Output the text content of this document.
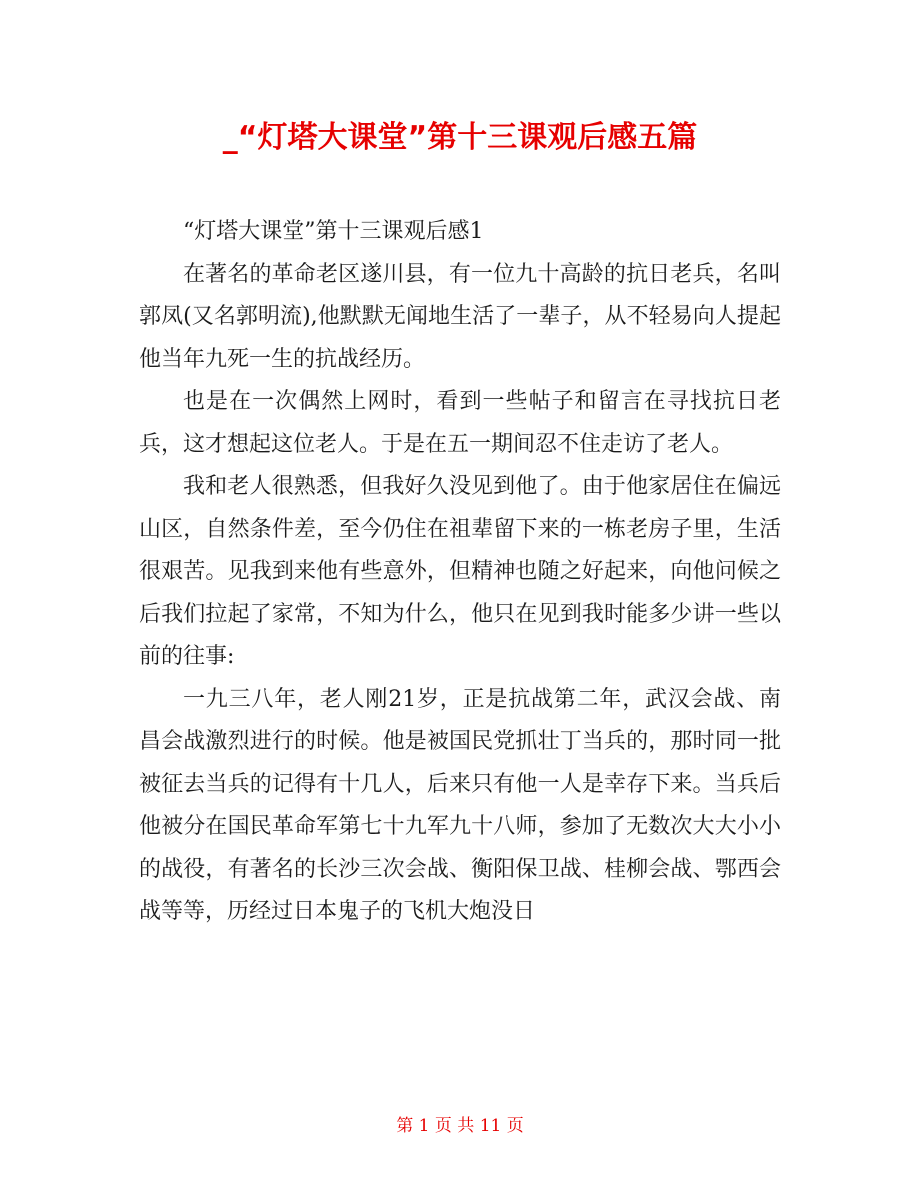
_“灯塔大课堂”第十三课观后感五篇

“灯塔大课堂”第十三课观后感1

在著名的革命老区遂川县，有一位九十高龄的抗日老兵，名叫郭凤(又名郭明流),他默默无闻地生活了一辈子，从不轻易向人提起他当年九死一生的抗战经历。

也是在一次偶然上网时，看到一些帖子和留言在寻找抗日老兵，这才想起这位老人。于是在五一期间忍不住走访了老人。

我和老人很熟悉，但我好久没见到他了。由于他家居住在偏远山区，自然条件差，至今仍住在祖辈留下来的一栋老房子里，生活很艰苦。见我到来他有些意外，但精神也随之好起来，向他问候之后我们拉起了家常，不知为什么，他只在见到我时能多少讲一些以前的往事:

一九三八年，老人刚21岁，正是抗战第二年，武汉会战、南昌会战激烈进行的时候。他是被国民党抓壮丁当兵的，那时同一批被征去当兵的记得有十几人，后来只有他一人是幸存下来。当兵后他被分在国民革命军第七十九军九十八师，参加了无数次大大小小的战役，有著名的长沙三次会战、衡阳保卫战、桂柳会战、鄂西会战等等，历经过日本鬼子的飞机大炮没日

第 1 页 共 11 页
